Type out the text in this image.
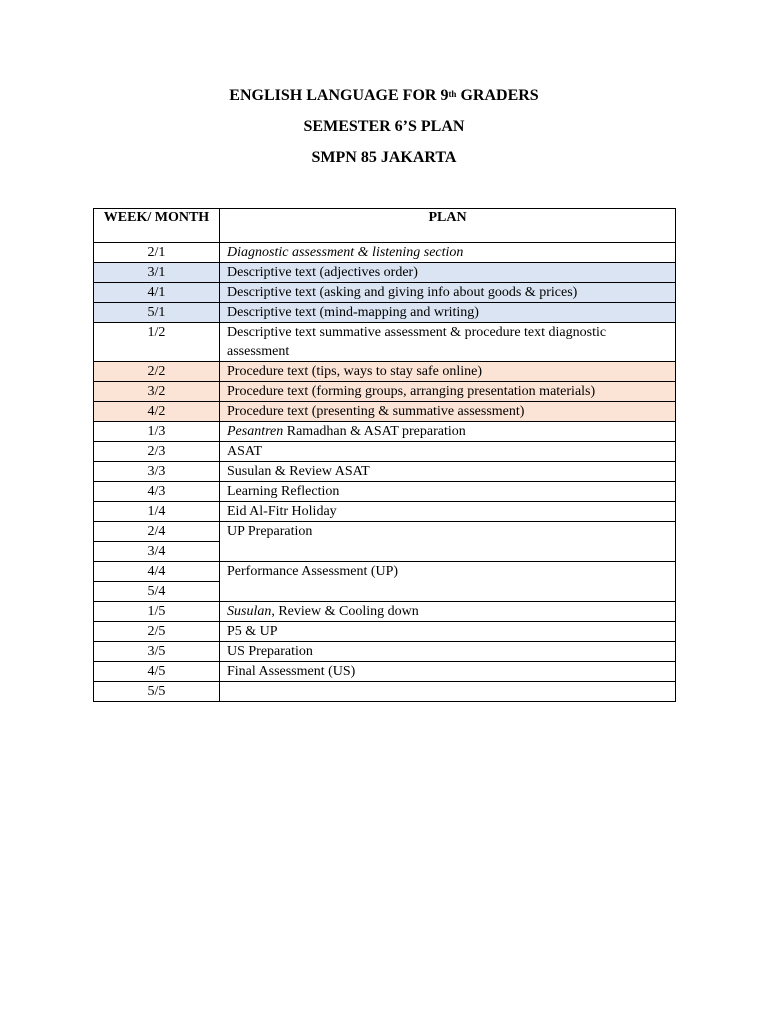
ENGLISH LANGUAGE FOR 9th GRADERS
SEMESTER 6’S PLAN
SMPN 85 JAKARTA
WEEK/ MONTH	PLAN
2/1	Diagnostic assessment & listening section
3/1	Descriptive text (adjectives order)
4/1	Descriptive text (asking and giving info about goods & prices)
5/1	Descriptive text (mind-mapping and writing)
1/2	Descriptive text summative assessment & procedure text diagnostic assessment
2/2	Procedure text (tips, ways to stay safe online)
3/2	Procedure text (forming groups, arranging presentation materials)
4/2	Procedure text (presenting & summative assessment)
1/3	Pesantren Ramadhan & ASAT preparation
2/3	ASAT
3/3	Susulan & Review ASAT
4/3	Learning Reflection
1/4	Eid Al-Fitr Holiday
2/4	UP Preparation
3/4	
4/4	Performance Assessment (UP)
5/4	
1/5	Susulan, Review & Cooling down
2/5	P5 & UP
3/5	US Preparation
4/5	Final Assessment (US)
5/5	
